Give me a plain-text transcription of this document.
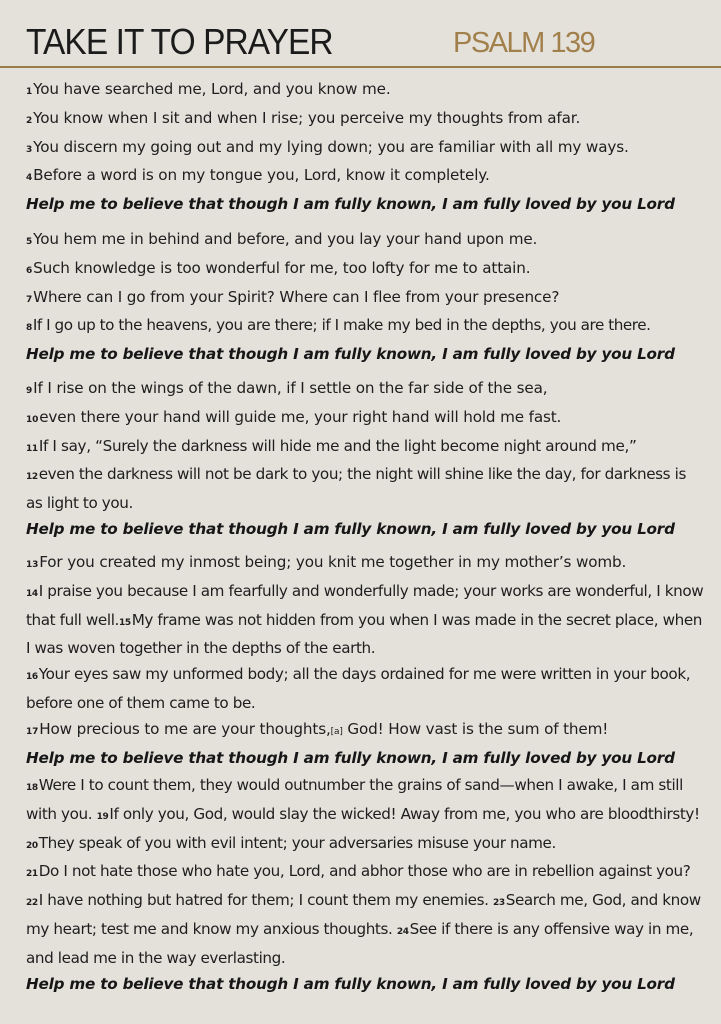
TAKE IT TO PRAYER	PSALM 139
1You have searched me, Lord, and you know me.
2You know when I sit and when I rise; you perceive my thoughts from afar.
3You discern my going out and my lying down; you are familiar with all my ways.
4Before a word is on my tongue you, Lord, know it completely.
Help me to believe that though I am fully known, I am fully loved by you Lord
5You hem me in behind and before, and you lay your hand upon me.
6Such knowledge is too wonderful for me, too lofty for me to attain.
7Where can I go from your Spirit? Where can I flee from your presence?
8If I go up to the heavens, you are there; if I make my bed in the depths, you are there.
Help me to believe that though I am fully known, I am fully loved by you Lord
9If I rise on the wings of the dawn, if I settle on the far side of the sea,
10even there your hand will guide me, your right hand will hold me fast.
11If I say, “Surely the darkness will hide me and the light become night around me,”
12even the darkness will not be dark to you; the night will shine like the day, for darkness is as light to you.
Help me to believe that though I am fully known, I am fully loved by you Lord
13For you created my inmost being; you knit me together in my mother’s womb.
14I praise you because I am fearfully and wonderfully made; your works are wonderful, I know that full well.15My frame was not hidden from you when I was made in the secret place, when I was woven together in the depths of the earth.
16Your eyes saw my unformed body; all the days ordained for me were written in your book, before one of them came to be.
17How precious to me are your thoughts,[a] God! How vast is the sum of them!
Help me to believe that though I am fully known, I am fully loved by you Lord
18Were I to count them, they would outnumber the grains of sand—when I awake, I am still with you. 19If only you, God, would slay the wicked! Away from me, you who are bloodthirsty! 20They speak of you with evil intent; your adversaries misuse your name.
21Do I not hate those who hate you, Lord, and abhor those who are in rebellion against you? 22I have nothing but hatred for them; I count them my enemies. 23Search me, God, and know my heart; test me and know my anxious thoughts. 24See if there is any offensive way in me, and lead me in the way everlasting.
Help me to believe that though I am fully known, I am fully loved by you Lord
